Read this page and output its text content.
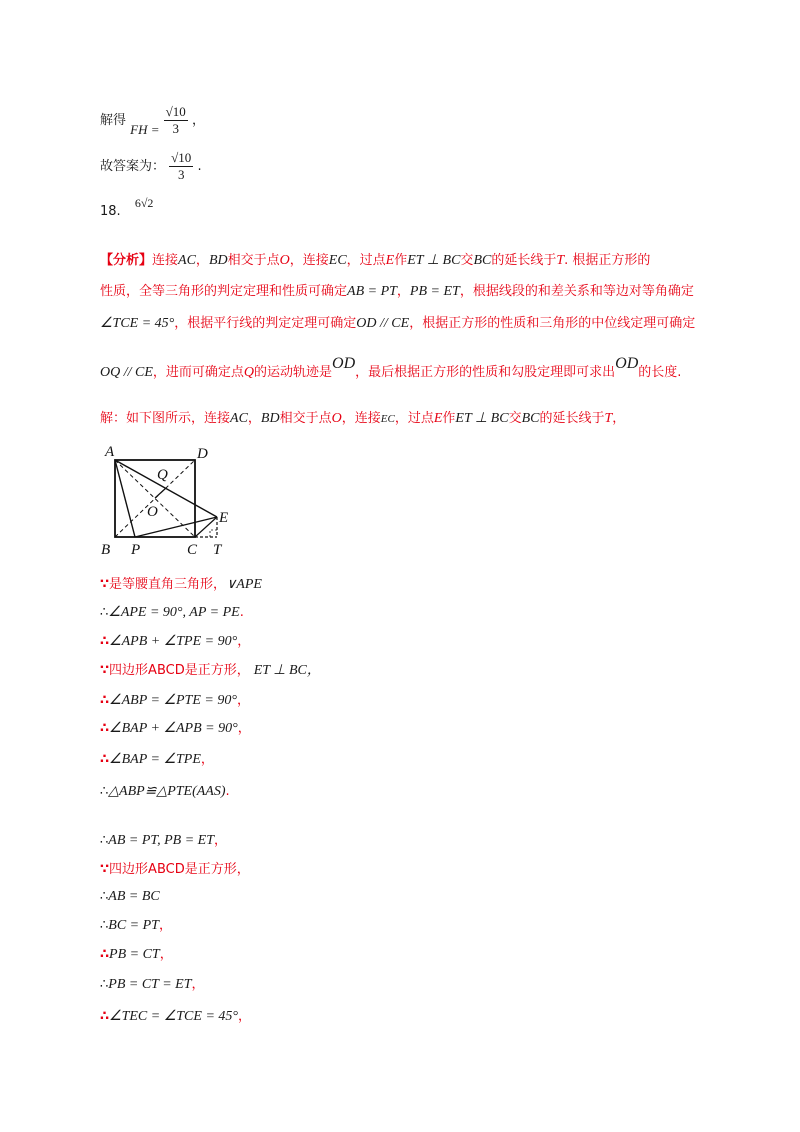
解得 FH = $\frac{√10}{3}$ ，
故答案为： $\frac{√10}{3}$ .
18. 6√2
【分析】连接AC，BD相交于点O，连接EC，过点E作ET ⊥ BC交BC的延长线于T. 根据正方形的
性质，全等三角形的判定定理和性质可确定AB = PT，PB = ET，根据线段的和差关系和等边对等角确定
∠TCE = 45°，根据平行线的判定定理可确定OD // CE，根据正方形的性质和三角形的中位线定理可确定
OQ // CE，进而可确定点Q的运动轨迹是OD，最后根据正方形的性质和勾股定理即可求出OD的长度.
解：如下图所示，连接AC，BD相交于点O，连接EC，过点E作ET ⊥ BC交BC的延长线于T，
A	D
Q
O	E
B P	C T
∵是等腰直角三角形，∨APE
∴∠APE = 90°, AP = PE.
∴∠APB + ∠TPE = 90°，
∵四边形ABCD是正方形， ET ⊥ BC，
∴∠ABP = ∠PTE = 90°，
∴∠BAP + ∠APB = 90°，
∴∠BAP = ∠TPE，
∴△ABP≌△PTE(AAS).
∴AB = PT, PB = ET，
∵四边形ABCD是正方形，
∴AB = BC
∴BC = PT，
∴PB = CT，
∴PB = CT = ET，
∴∠TEC = ∠TCE = 45°，
